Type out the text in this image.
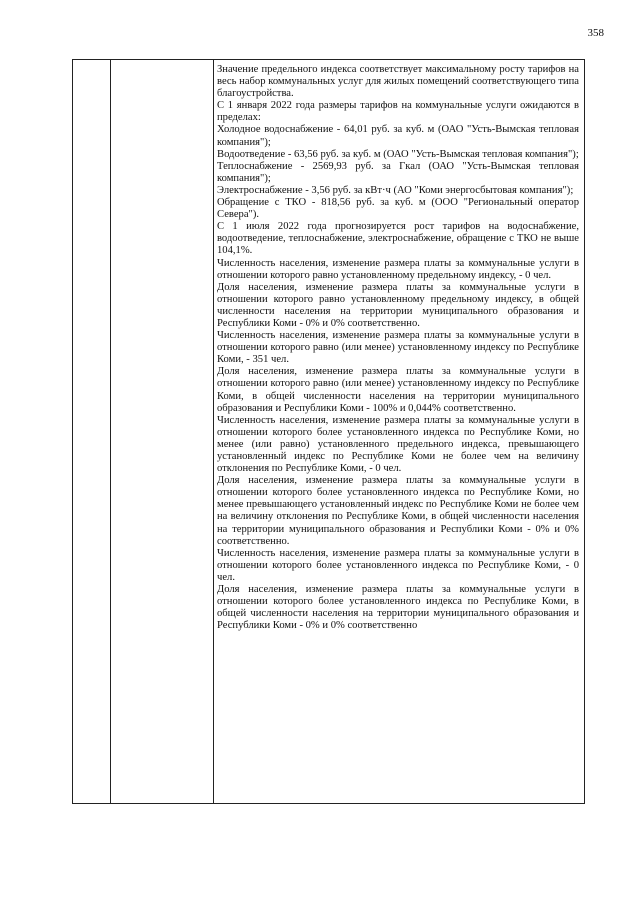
358

Значение предельного индекса соответствует максимальному росту тарифов на весь набор коммунальных услуг для жилых помещений соответствующего типа благоустройства.

С 1 января 2022 года размеры тарифов на коммунальные услуги ожидаются в пределах:

Холодное водоснабжение - 64,01 руб. за куб. м (ОАО "Усть-Вымская тепловая компания");

Водоотведение - 63,56 руб. за куб. м (ОАО "Усть-Вымская тепловая компания");

Теплоснабжение - 2569,93 руб. за Гкал (ОАО "Усть-Вымская тепловая компания");

Электроснабжение - 3,56 руб. за кВт·ч (АО "Коми энергосбытовая компания");

Обращение с ТКО - 818,56 руб. за куб. м (ООО "Региональный оператор Севера").

С 1 июля 2022 года прогнозируется рост тарифов на водоснабжение, водоотведение, теплоснабжение, электроснабжение, обращение с ТКО не выше 104,1%.

Численность населения, изменение размера платы за коммунальные услуги в отношении которого равно установленному предельному индексу, - 0 чел.

Доля населения, изменение размера платы за коммунальные услуги в отношении которого равно установленному предельному индексу, в общей численности населения на территории муниципального образования и Республики Коми - 0% и 0% соответственно.

Численность населения, изменение размера платы за коммунальные услуги в отношении которого равно (или менее) установленному индексу по Республике Коми, - 351 чел.

Доля населения, изменение размера платы за коммунальные услуги в отношении которого равно (или менее) установленному индексу по Республике Коми, в общей численности населения на территории муниципального образования и Республики Коми - 100% и 0,044% соответственно.

Численность населения, изменение размера платы за коммунальные услуги в отношении которого более установленного индекса по Республике Коми, но менее (или равно) установленного предельного индекса, превышающего установленный индекс по Республике Коми не более чем на величину отклонения по Республике Коми, - 0 чел.

Доля населения, изменение размера платы за коммунальные услуги в отношении которого более установленного индекса по Республике Коми, но менее превышающего установленный индекс по Республике Коми не более чем на величину отклонения по Республике Коми, в общей численности населения на территории муниципального образования и Республики Коми - 0% и 0% соответственно.

Численность населения, изменение размера платы за коммунальные услуги в отношении которого более установленного индекса по Республике Коми, - 0 чел.

Доля населения, изменение размера платы за коммунальные услуги в отношении которого более установленного индекса по Республике Коми, в общей численности населения на территории муниципального образования и Республики Коми - 0% и 0% соответственно
